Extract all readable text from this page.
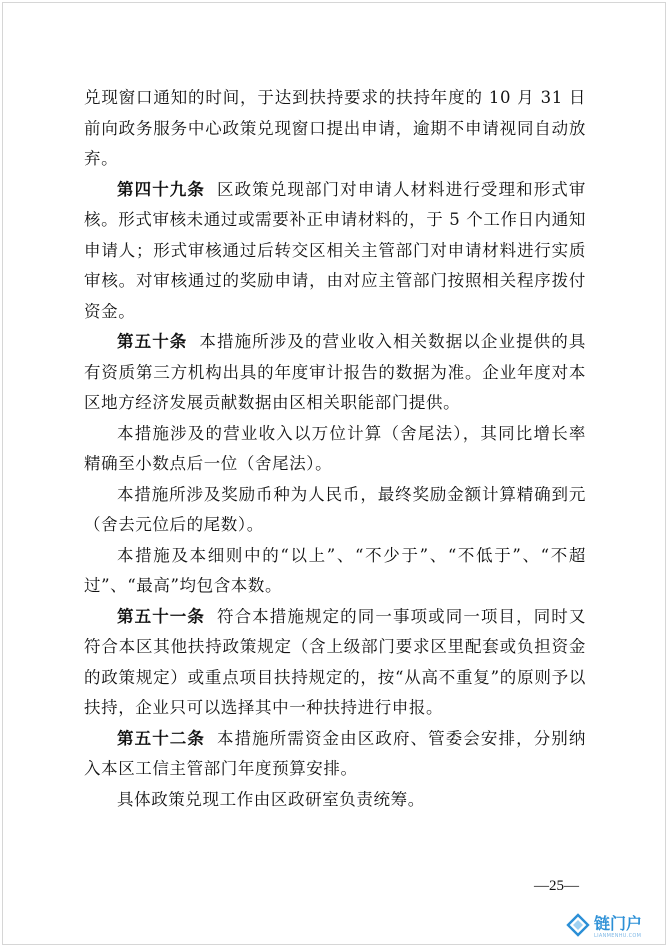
兑现窗口通知的时间，于达到扶持要求的扶持年度的 10 月 31 日前向政务服务中心政策兑现窗口提出申请，逾期不申请视同自动放弃。

第四十九条 区政策兑现部门对申请人材料进行受理和形式审核。形式审核未通过或需要补正申请材料的，于 5 个工作日内通知申请人；形式审核通过后转交区相关主管部门对申请材料进行实质审核。对审核通过的奖励申请，由对应主管部门按照相关程序拨付资金。

第五十条 本措施所涉及的营业收入相关数据以企业提供的具有资质第三方机构出具的年度审计报告的数据为准。企业年度对本区地方经济发展贡献数据由区相关职能部门提供。

本措施涉及的营业收入以万位计算（舍尾法），其同比增长率精确至小数点后一位（舍尾法）。

本措施所涉及奖励币种为人民币，最终奖励金额计算精确到元（舍去元位后的尾数）。

本措施及本细则中的“以上”、“不少于”、“不低于”、“不超过”、“最高”均包含本数。

第五十一条 符合本措施规定的同一事项或同一项目，同时又符合本区其他扶持政策规定（含上级部门要求区里配套或负担资金的政策规定）或重点项目扶持规定的，按“从高不重复”的原则予以扶持，企业只可以选择其中一种扶持进行申报。

第五十二条 本措施所需资金由区政府、管委会安排，分别纳入本区工信主管部门年度预算安排。

具体政策兑现工作由区政研室负责统筹。

—25—
链门户
LIANMENHU.COM
